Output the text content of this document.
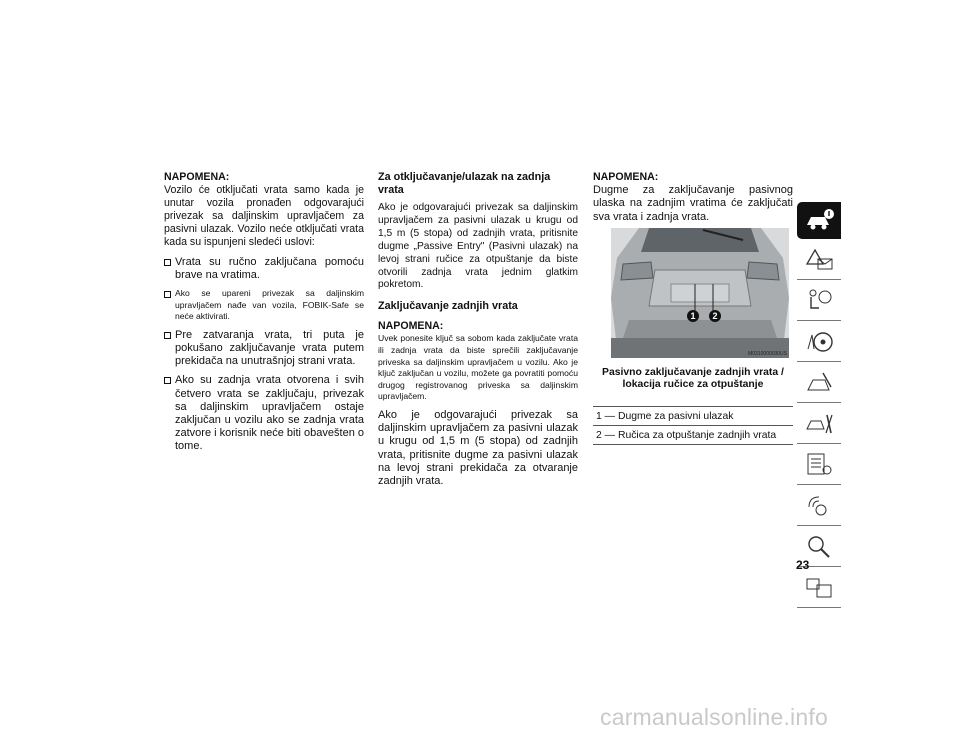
NAPOMENA:
Vozilo će otključati vrata samo kada je unutar vozila pronađen odgovarajući privezak sa daljinskim upravljačem za pasivni ulazak. Vozilo neće otključati vrata kada su ispunjeni sledeći uslovi:
Vrata su ručno zaključana pomoću brave na vratima.
Ako se upareni privezak sa daljinskim upravljačem nađe van vozila, FOBIK-Safe se neće aktivirati.
Pre zatvaranja vrata, tri puta je pokušano zaključavanje vrata putem prekidača na unutrašnjoj strani vrata.
Ako su zadnja vrata otvorena i svih četvero vrata se zaključaju, privezak sa daljinskim upravljačem ostaje zaključan u vozilu ako se zadnja vrata zatvore i korisnik neće biti obavešten o tome.
Za otključavanje/ulazak na zadnja vrata
Ako je odgovarajući privezak sa daljinskim upravljačem za pasivni ulazak u krugu od 1,5 m (5 stopa) od zadnjih vrata, pritisnite dugme „Passive Entry" (Pasivni ulazak) na levoj strani ručice za otpuštanje da biste otvorili zadnja vrata jednim glatkim pokretom.
Zaključavanje zadnjih vrata
NAPOMENA:
Uvek ponesite ključ sa sobom kada zaključate vrata ili zadnja vrata da biste sprečili zaključavanje priveska sa daljinskim upravljačem u vozilu. Ako je ključ zaključan u vozilu, možete ga povratiti pomoću drugog registrovanog priveska sa daljinskim upravljačem.
Ako je odgovarajući privezak sa daljinskim upravljačem za pasivni ulazak u krugu od 1,5 m (5 stopa) od zadnjih vrata, pritisnite dugme za pasivni ulazak na levoj strani prekidača za otvaranje zadnjih vrata.
NAPOMENA:
Dugme za zaključavanje pasivnog ulaska na zadnjim vratima će zaključati sva vrata i zadnja vrata.
1 2
M0310000030US
Pasivno zaključavanje zadnjih vrata / lokacija ručice za otpuštanje
1 — Dugme za pasivni ulazak
2 — Ručica za otpuštanje zadnjih vrata
23
carmanualsonline.info
